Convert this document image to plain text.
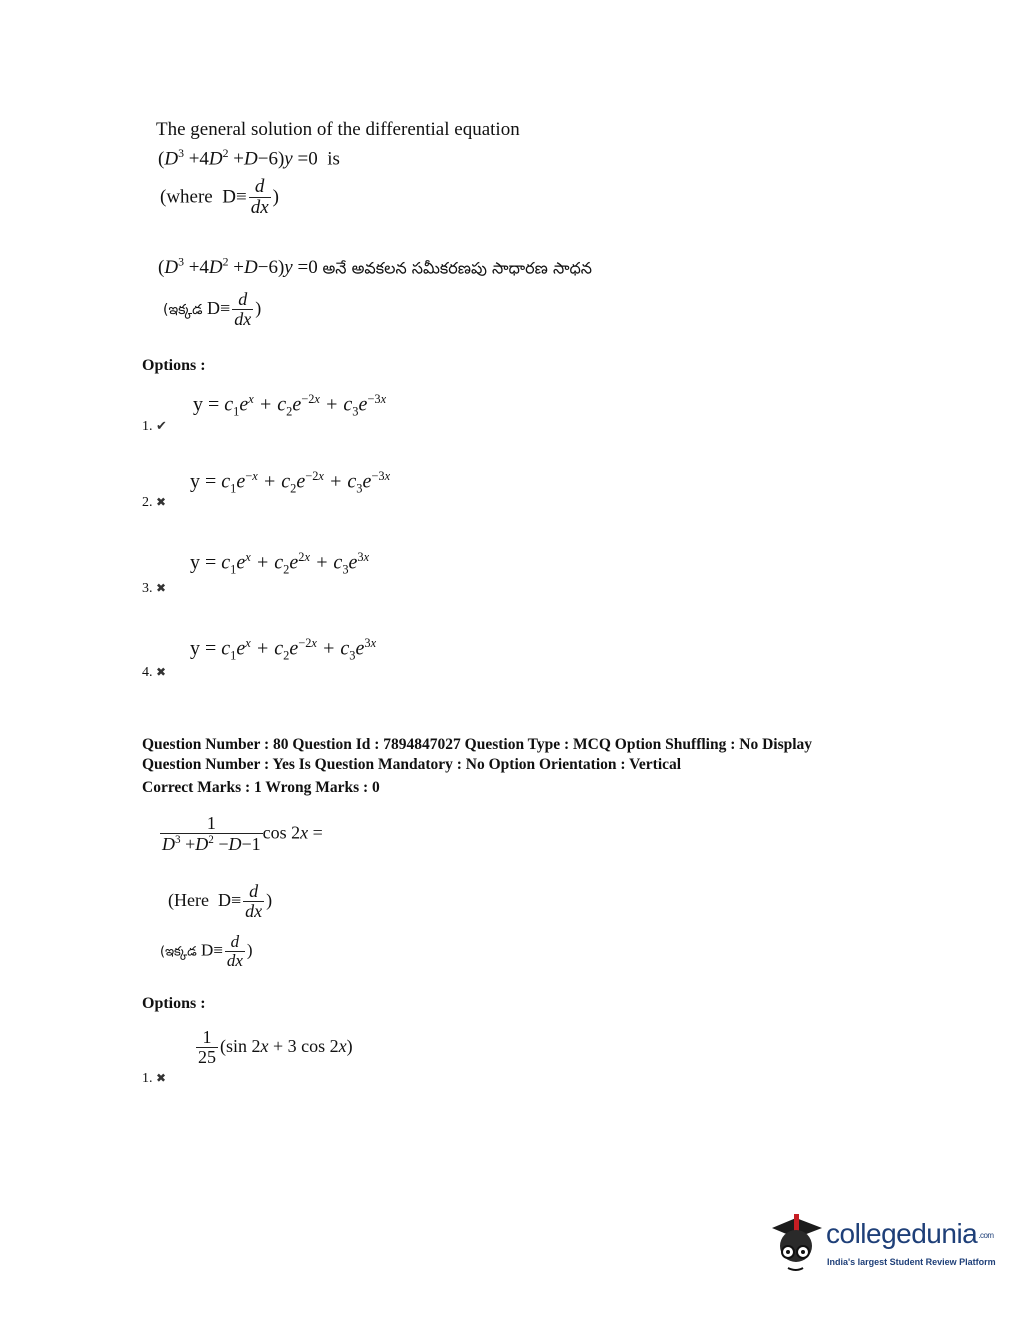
The general solution of the differential equation
$(D^3 +4D^2 +D-6)y =0$ is
(where  $D\equiv \frac{d}{dx}$ )
$(D^3 +4D^2 +D-6)y =0$ అనే అవకలన సమీకరణపు సాధారణ సాధన
(ఇక్కడ $D\equiv \frac{d}{dx}$ )
Options :
$y = c_1e^x + c_2e^{-2x} + c_3e^{-3x}$
1. ✔
$y = c_1e^{-x} + c_2e^{-2x} + c_3e^{-3x}$
2. ✖
$y = c_1e^x + c_2e^{2x} + c_3e^{3x}$
3. ✖
$y = c_1e^x + c_2e^{-2x} + c_3e^{3x}$
4. ✖
Question Number : 80 Question Id : 7894847027 Question Type : MCQ Option Shuffling : No Display
Question Number : Yes Is Question Mandatory : No Option Orientation : Vertical
Correct Marks : 1 Wrong Marks : 0
$\frac{1}{D^3 +D^2 -D-1}$ cos 2x =
(Here  $D\equiv \frac{d}{dx}$ )
(ఇక్కడ $D\equiv \frac{d}{dx}$ )
Options :
$\frac{1}{25} (\sin$ 2x + 3 cos 2x)
1. ✖
collegedunia.com
India's largest Student Review Platform
